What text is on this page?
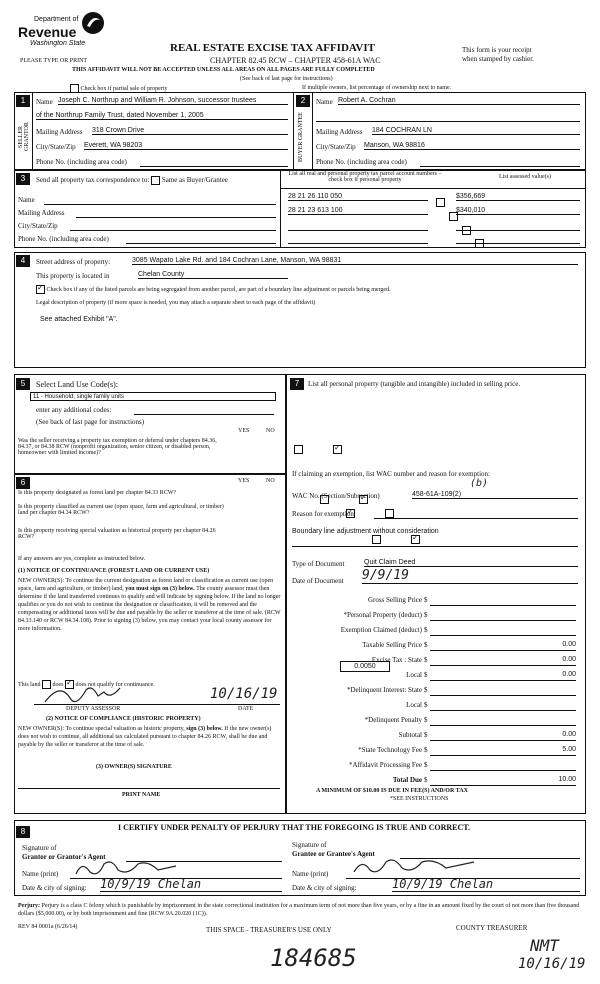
Department of
Revenue
Washington State
PLEASE TYPE OR PRINT
REAL ESTATE EXCISE TAX AFFIDAVIT
CHAPTER 82.45 RCW – CHAPTER 458-61A WAC
This form is your receipt
when stamped by cashier.
THIS AFFIDAVIT WILL NOT BE ACCEPTED UNLESS ALL AREAS ON ALL PAGES ARE FULLY COMPLETED
(See back of last page for instructions)
Check box if partial sale of property	If multiple owners, list percentage of ownership next to name.
1
SELLER GRANTOR
Name Joseph C. Northrup and William R. Johnson, successor trustees
of the Northrup Family Trust, dated November 1, 2005
Mailing Address 318 Crown Drive
City/State/Zip Everett, WA 98203
Phone No. (including area code)
2
BUYER GRANTEE
Name Robert A. Cochran
Mailing Address 184 COCHRAN LN
City/State/Zip Manson, WA 98816
Phone No. (including area code)
3	Send all property tax correspondence to: Same as Buyer/Grantee
Name
Mailing Address
City/State/Zip
Phone No. (including area code)
List all real and personal property tax parcel account numbers – check box if personal property	List assessed value(s)
28 21 26 110 050
	$356,669
28 21 23 613 100
	$340,010

4	Street address of property:	3085 Wapato Lake Rd. and 184 Cochran Lane, Manson, WA 98831
This property is located in	Chelan County
✓ Check box if any of the listed parcels are being segregated from another parcel, are part of a boundary line adjustment or parcels being merged.
Legal description of property (if more space is needed, you may attach a separate sheet to each page of the affidavit)
See attached Exhibit "A".
5	Select Land Use Code(s):
11 - Household, single family units
enter any additional codes:
(See back of last page for instructions)
YES	NO
Was the seller receiving a property tax exemption or deferral under chapters 84.36, 84.37, or 84.38 RCW (nonprofit organization, senior citizen, or disabled person, homeowner with limited income)?
✓
6	YES	NO
Is this property designated as forest land per chapter 84.33 RCW?
✓
Is this property classified as current use (open space, farm and agricultural, or timber) land per chapter 84.34 RCW?
✓
Is this property receiving special valuation as historical property per chapter 84.26 RCW?
✓
If any answers are yes, complete as instructed below.
(1) NOTICE OF CONTINUANCE (FOREST LAND OR CURRENT USE)
NEW OWNER(S): To continue the current designation as forest land or classification as current use (open space, farm and agriculture, or timber) land, you must sign on (3) below. The county assessor must then determine if the land transferred continues to qualify and will indicate by signing below. If the land no longer qualifies or you do not wish to continue the designation or classification, it will be removed and the compensating or additional taxes will be due and payable by the seller or transferor at the time of sale. (RCW 84.33.140 or RCW 84.34.108). Prior to signing (3) below, you may contact your local county assessor for more information.
This land does ✓ does not qualify for continuance.
10/16/19
DEPUTY ASSESSOR	DATE
(2) NOTICE OF COMPLIANCE (HISTORIC PROPERTY)
NEW OWNER(S): To continue special valuation as historic property, sign (3) below. If the new owner(s) does not wish to continue, all additional tax calculated pursuant to chapter 84.26 RCW, shall be due and payable by the seller or transferor at the time of sale.
(3) OWNER(S) SIGNATURE
PRINT NAME
7	List all personal property (tangible and intangible) included in selling price.
If claiming an exemption, list WAC number and reason for exemption:
WAC No. (Section/Subsection)	458-61A-109(2)
(b)
Reason for exemption
Boundary line adjustment without consideration
Type of Document	Quit Claim Deed
Date of Document 9/9/19
Gross Selling Price $
*Personal Property (deduct) $
Exemption Claimed (deduct) $
Taxable Selling Price $	0.00
Excise Tax : State $	0.00
Local $	0.00
*Delinquent Interest: State $
Local $
*Delinquent Penalty $
Subtotal $	0.00
*State Technology Fee $	5.00
*Affidavit Processing Fee $
Total Due $	10.00
0.0050
A MINIMUM OF $10.00 IS DUE IN FEE(S) AND/OR TAX
*SEE INSTRUCTIONS
8	I CERTIFY UNDER PENALTY OF PERJURY THAT THE FOREGOING IS TRUE AND CORRECT.
Signature of
Grantor or Grantor's Agent
Name (print)
Date & city of signing: 10/9/19 Chelan
Signature of
Grantee or Grantee's Agent
Name (print)
Date & city of signing:	10/9/19 Chelan
Perjury: Perjury is a class C felony which is punishable by imprisonment in the state correctional institution for a maximum term of not more than five years, or by a fine in an amount fixed by the court of not more than five thousand dollars ($5,000.00), or by both imprisonment and fine (RCW 9A.20.020 (1C)).
REV 84 0001a (6/26/14)	THIS SPACE - TREASURER'S USE ONLY	COUNTY TREASURER
184685	NMT
10/16/19
